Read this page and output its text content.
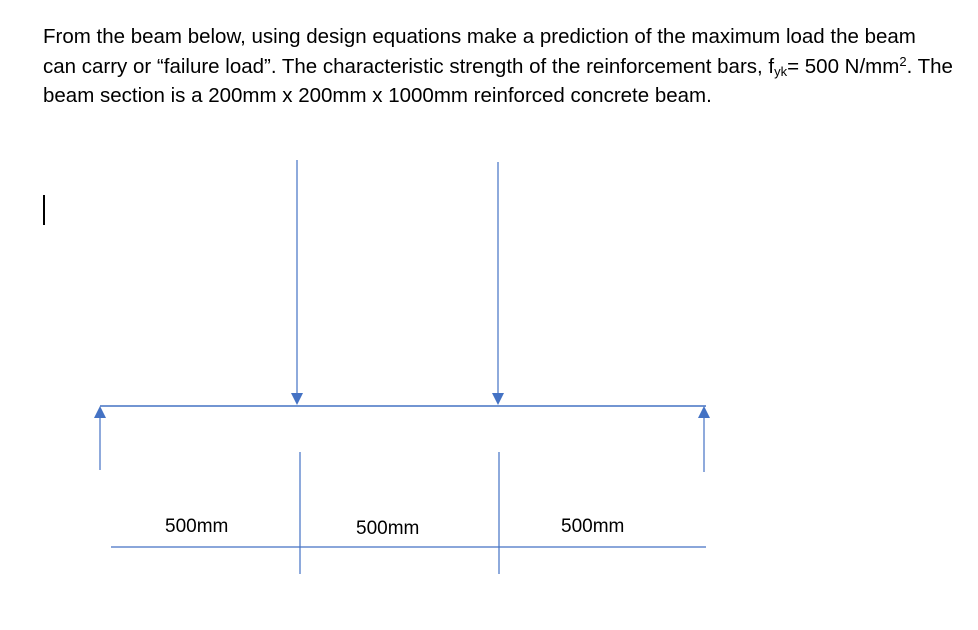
From the beam below, using design equations make a prediction of the maximum load the beam can carry or “failure load”. The characteristic strength of the reinforcement bars, $f_{yk}= 500$ $N/mm^2$. The beam section is a 200mm x 200mm x 1000mm reinforced concrete beam.

500mm	500mm	500mm
